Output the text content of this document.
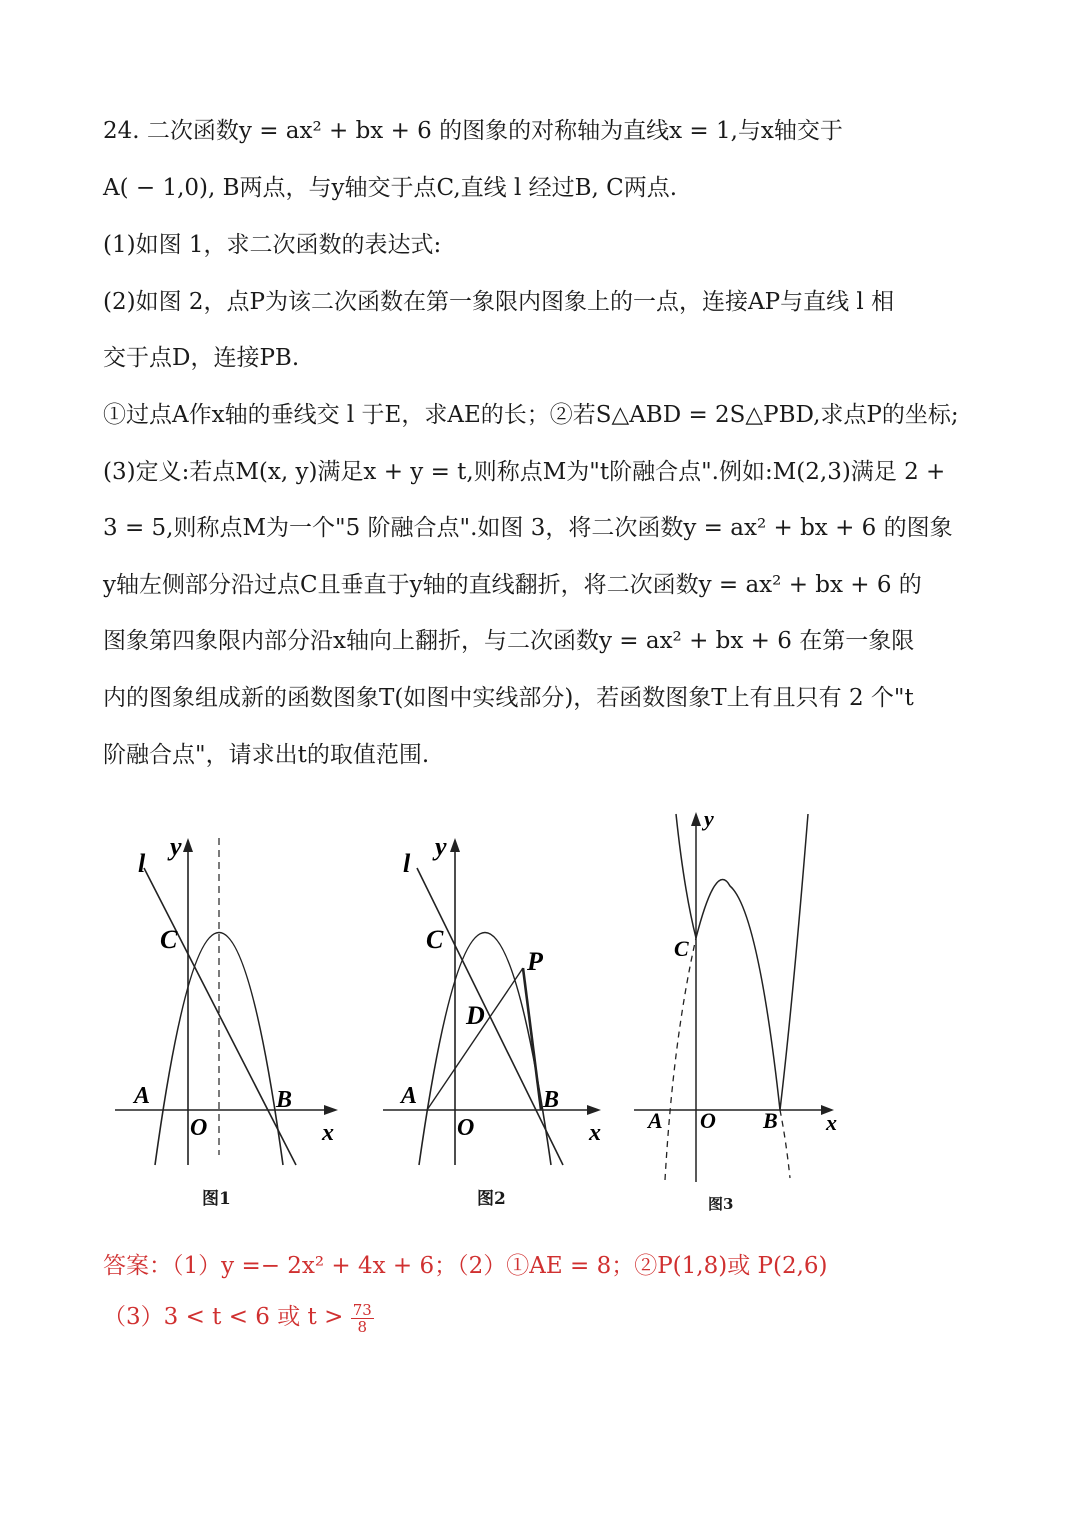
24. 二次函数y = ax² + bx + 6 的图象的对称轴为直线x = 1,与x轴交于
A( − 1,0), B两点，与y轴交于点C,直线 l 经过B, C两点.
(1)如图 1，求二次函数的表达式:
(2)如图 2，点P为该二次函数在第一象限内图象上的一点，连接AP与直线 l 相
交于点D，连接PB.
①过点A作x轴的垂线交 l 于E，求AE的长；②若S△ABD = 2S△PBD,求点P的坐标;
(3)定义:若点M(x, y)满足x + y = t,则称点M为"t阶融合点".例如:M(2,3)满足 2 +
3 = 5,则称点M为一个"5 阶融合点".如图 3，将二次函数y = ax² + bx + 6 的图象
y轴左侧部分沿过点C且垂直于y轴的直线翻折，将二次函数y = ax² + bx + 6 的
图象第四象限内部分沿x轴向上翻折，与二次函数y = ax² + bx + 6 在第一象限
内的图象组成新的函数图象T(如图中实线部分)，若函数图象T上有且只有 2 个"t
阶融合点"，请求出t的取值范围.
l
y
C
A
O
B
x
图1
l
y
C
P
D
A
O
B
x
图2
y
C
A O B x
图3
答案：（1）y =− 2x² + 4x + 6；（2）①AE = 8；②P(1,8)或 P(2,6)
（3）3 < t < 6 或 $t > \frac{73}{8}$
